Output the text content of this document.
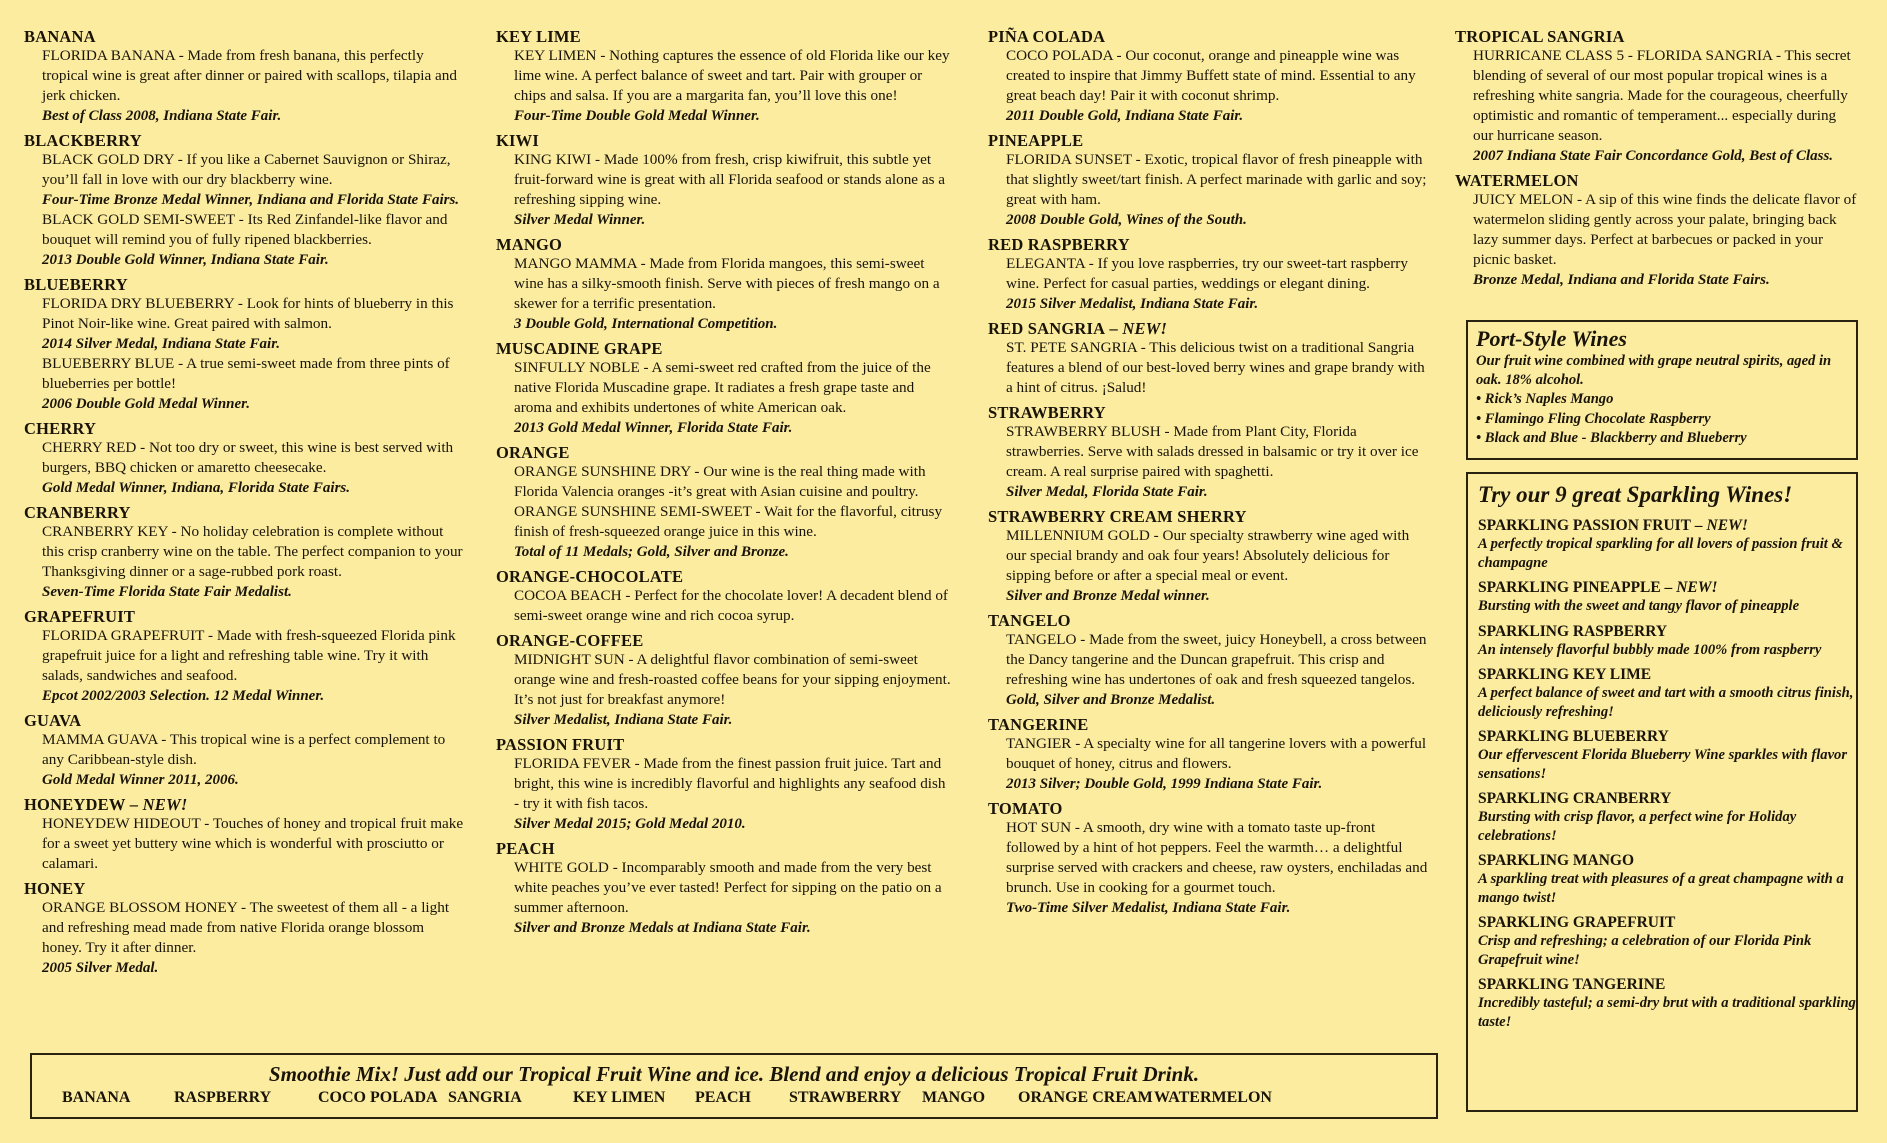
BANANA
FLORIDA BANANA - Made from fresh banana, this perfectly tropical wine is great after dinner or paired with scallops, tilapia and jerk chicken.
Best of Class 2008, Indiana State Fair.
BLACKBERRY
BLACK GOLD DRY - If you like a Cabernet Sauvignon or Shiraz, you’ll fall in love with our dry blackberry wine.
Four-Time Bronze Medal Winner, Indiana and Florida State Fairs.
BLACK GOLD SEMI-SWEET - Its Red Zinfandel-like flavor and bouquet will remind you of fully ripened blackberries.
2013 Double Gold Winner, Indiana State Fair.
BLUEBERRY
FLORIDA DRY BLUEBERRY - Look for hints of blueberry in this Pinot Noir-like wine. Great paired with salmon.
2014 Silver Medal, Indiana State Fair.
BLUEBERRY BLUE - A true semi-sweet made from three pints of blueberries per bottle!
2006 Double Gold Medal Winner.
CHERRY
CHERRY RED - Not too dry or sweet, this wine is best served with burgers, BBQ chicken or amaretto cheesecake.
Gold Medal Winner, Indiana, Florida State Fairs.
CRANBERRY
CRANBERRY KEY - No holiday celebration is complete without this crisp cranberry wine on the table. The perfect companion to your Thanksgiving dinner or a sage-rubbed pork roast.
Seven-Time Florida State Fair Medalist.
GRAPEFRUIT
FLORIDA GRAPEFRUIT - Made with fresh-squeezed Florida pink grapefruit juice for a light and refreshing table wine. Try it with salads, sandwiches and seafood.
Epcot 2002/2003 Selection. 12 Medal Winner.
GUAVA
MAMMA GUAVA - This tropical wine is a perfect complement to any Caribbean-style dish.
Gold Medal Winner 2011, 2006.
HONEYDEW – NEW!
HONEYDEW HIDEOUT - Touches of honey and tropical fruit make for a sweet yet buttery wine which is wonderful with prosciutto or calamari.
HONEY
ORANGE BLOSSOM HONEY - The sweetest of them all - a light and refreshing mead made from native Florida orange blossom honey. Try it after dinner.
2005 Silver Medal.
KEY LIME
KEY LIMEN - Nothing captures the essence of old Florida like our key lime wine. A perfect balance of sweet and tart. Pair with grouper or chips and salsa. If you are a margarita fan, you’ll love this one!
Four-Time Double Gold Medal Winner.
KIWI
KING KIWI - Made 100% from fresh, crisp kiwifruit, this subtle yet fruit-forward wine is great with all Florida seafood or stands alone as a refreshing sipping wine.
Silver Medal Winner.
MANGO
MANGO MAMMA - Made from Florida mangoes, this semi-sweet wine has a silky-smooth finish. Serve with pieces of fresh mango on a skewer for a terrific presentation.
3 Double Gold, International Competition.
MUSCADINE GRAPE
SINFULLY NOBLE - A semi-sweet red crafted from the juice of the native Florida Muscadine grape. It radiates a fresh grape taste and aroma and exhibits undertones of white American oak.
2013 Gold Medal Winner, Florida State Fair.
ORANGE
ORANGE SUNSHINE DRY - Our wine is the real thing made with Florida Valencia oranges -it’s great with Asian cuisine and poultry.
ORANGE SUNSHINE SEMI-SWEET - Wait for the flavorful, citrusy finish of fresh-squeezed orange juice in this wine.
Total of 11 Medals; Gold, Silver and Bronze.
ORANGE-CHOCOLATE
COCOA BEACH - Perfect for the chocolate lover! A decadent blend of semi-sweet orange wine and rich cocoa syrup.
ORANGE-COFFEE
MIDNIGHT SUN - A delightful flavor combination of semi-sweet orange wine and fresh-roasted coffee beans for your sipping enjoyment. It’s not just for breakfast anymore!
Silver Medalist, Indiana State Fair.
PASSION FRUIT
FLORIDA FEVER - Made from the finest passion fruit juice. Tart and bright, this wine is incredibly flavorful and highlights any seafood dish - try it with fish tacos.
Silver Medal 2015; Gold Medal 2010.
PEACH
WHITE GOLD - Incomparably smooth and made from the very best white peaches you’ve ever tasted! Perfect for sipping on the patio on a summer afternoon.
Silver and Bronze Medals at Indiana State Fair.
PIÑA COLADA
COCO POLADA - Our coconut, orange and pineapple wine was created to inspire that Jimmy Buffett state of mind. Essential to any great beach day! Pair it with coconut shrimp.
2011 Double Gold, Indiana State Fair.
PINEAPPLE
FLORIDA SUNSET - Exotic, tropical flavor of fresh pineapple with that slightly sweet/tart finish. A perfect marinade with garlic and soy; great with ham.
2008 Double Gold, Wines of the South.
RED RASPBERRY
ELEGANTA - If you love raspberries, try our sweet-tart raspberry wine. Perfect for casual parties, weddings or elegant dining.
2015 Silver Medalist, Indiana State Fair.
RED SANGRIA – NEW!
ST. PETE SANGRIA - This delicious twist on a traditional Sangria features a blend of our best-loved berry wines and grape brandy with a hint of citrus. ¡Salud!
STRAWBERRY
STRAWBERRY BLUSH - Made from Plant City, Florida strawberries. Serve with salads dressed in balsamic or try it over ice cream. A real surprise paired with spaghetti.
Silver Medal, Florida State Fair.
STRAWBERRY CREAM SHERRY
MILLENNIUM GOLD - Our specialty strawberry wine aged with our special brandy and oak four years! Absolutely delicious for sipping before or after a special meal or event.
Silver and Bronze Medal winner.
TANGELO
TANGELO - Made from the sweet, juicy Honeybell, a cross between the Dancy tangerine and the Duncan grapefruit. This crisp and refreshing wine has undertones of oak and fresh squeezed tangelos.
Gold, Silver and Bronze Medalist.
TANGERINE
TANGIER - A specialty wine for all tangerine lovers with a powerful bouquet of honey, citrus and flowers.
2013 Silver; Double Gold, 1999 Indiana State Fair.
TOMATO
HOT SUN - A smooth, dry wine with a tomato taste up-front followed by a hint of hot peppers. Feel the warmth… a delightful surprise served with crackers and cheese, raw oysters, enchiladas and brunch. Use in cooking for a gourmet touch.
Two-Time Silver Medalist, Indiana State Fair.
TROPICAL SANGRIA
HURRICANE CLASS 5 - FLORIDA SANGRIA - This secret blending of several of our most popular tropical wines is a refreshing white sangria. Made for the courageous, cheerfully optimistic and romantic of temperament... especially during our hurricane season.
2007 Indiana State Fair Concordance Gold, Best of Class.
WATERMELON
JUICY MELON - A sip of this wine finds the delicate flavor of watermelon sliding gently across your palate, bringing back lazy summer days. Perfect at barbecues or packed in your picnic basket.
Bronze Medal, Indiana and Florida State Fairs.
Port-Style Wines
Our fruit wine combined with grape neutral spirits, aged in oak. 18% alcohol.
• Rick’s Naples Mango
• Flamingo Fling Chocolate Raspberry
• Black and Blue - Blackberry and Blueberry
Try our 9 great Sparkling Wines!
SPARKLING PASSION FRUIT – NEW!
A perfectly tropical sparkling for all lovers of passion fruit & champagne
SPARKLING PINEAPPLE – NEW!
Bursting with the sweet and tangy flavor of pineapple
SPARKLING RASPBERRY
An intensely flavorful bubbly made 100% from raspberry
SPARKLING KEY LIME
A perfect balance of sweet and tart with a smooth citrus finish, deliciously refreshing!
SPARKLING BLUEBERRY
Our effervescent Florida Blueberry Wine sparkles with flavor sensations!
SPARKLING CRANBERRY
Bursting with crisp flavor, a perfect wine for Holiday celebrations!
SPARKLING MANGO
A sparkling treat with pleasures of a great champagne with a mango twist!
SPARKLING GRAPEFRUIT
Crisp and refreshing; a celebration of our Florida Pink Grapefruit wine!
SPARKLING TANGERINE
Incredibly tasteful; a semi-dry brut with a traditional sparkling taste!
Smoothie Mix! Just add our Tropical Fruit Wine and ice. Blend and enjoy a delicious Tropical Fruit Drink.
BANANA	RASPBERRY	COCO POLADA SANGRIA	KEY LIMEN PEACH STRAWBERRY MANGO ORANGE CREAM WATERMELON
